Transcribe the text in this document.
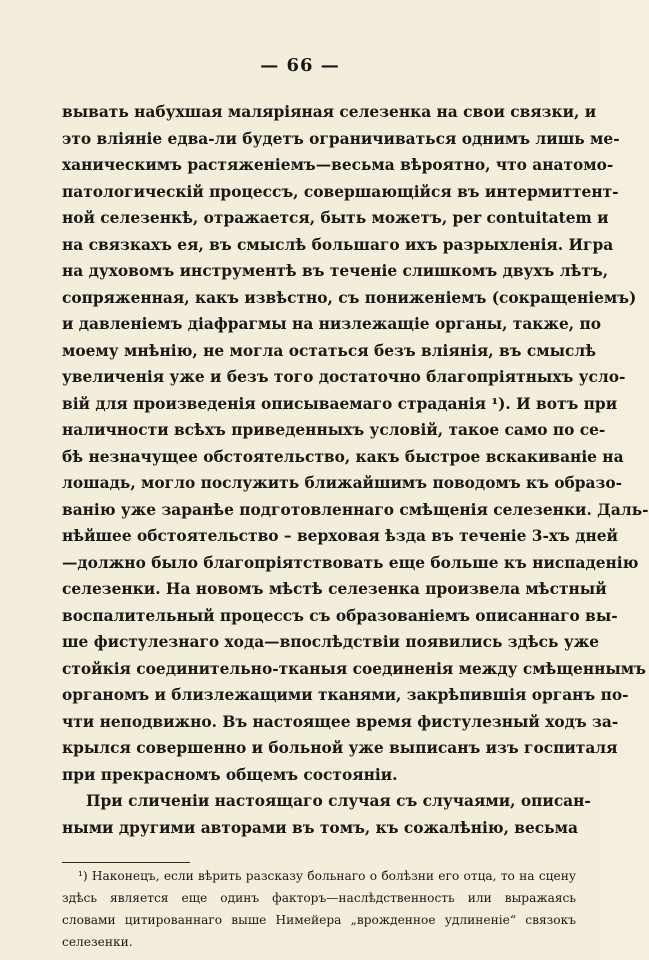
— 66 —
вывать набухшая маляріяная селезенка на свои связки, и
это вліяніе едва-ли будетъ ограничиваться однимъ лишь ме-
ханическимъ растяженіемъ—весьма вѣроятно, что анатомо-
патологическій процессъ, совершающійся въ интермиттент-
ной селезенкѣ, отражается, быть можетъ, per contuitatem и
на связкахъ ея, въ смыслѣ большаго ихъ разрыхленія. Игра
на духовомъ инструментѣ въ теченіе слишкомъ двухъ лѣтъ,
сопряженная, какъ извѣстно, съ пониженіемъ (сокращеніемъ)
и давленіемъ діафрагмы на низлежащіе органы, также, по
моему мнѣнію, не могла остаться безъ вліянія, въ смыслѣ
увеличенія уже и безъ того достаточно благопріятныхъ усло-
вій для произведенія описываемаго страданія ¹). И вотъ при
наличности всѣхъ приведенныхъ условій, такое само по се-
бѣ незначущее обстоятельство, какъ быстрое вскакиваніе на
лошадь, могло послужить ближайшимъ поводомъ къ образо-
ванію уже заранѣе подготовленнаго смѣщенія селезенки. Даль-
нѣйшее обстоятельство – верховая ѣзда въ теченіе 3-хъ дней
—должно было благопріятствовать еще больше къ ниспаденію
селезенки. На новомъ мѣстѣ селезенка произвела мѣстный
воспалительный процессъ съ образованіемъ описаннаго вы-
ше фистулезнаго хода—впослѣдствіи появились здѣсь уже
стойкія соединительно-тканыя соединенія между смѣщеннымъ
органомъ и близлежащими тканями, закрѣпившія органъ по-
чти неподвижно. Въ настоящее время фистулезный ходъ за-
крылся совершенно и больной уже выписанъ изъ госпиталя
при прекрасномъ общемъ состояніи.
При сличеніи настоящаго случая съ случаями, описан-
ными другими авторами въ томъ, къ сожалѣнію, весьма
¹) Наконецъ, если вѣрить разсказу больнаго о болѣзни его отца, то на сцену
здѣсь является еще одинъ факторъ—наслѣдственность или выражаясь
словами цитированнаго выше Нимейера „врожденное удлиненіе“ связокъ
селезенки.
